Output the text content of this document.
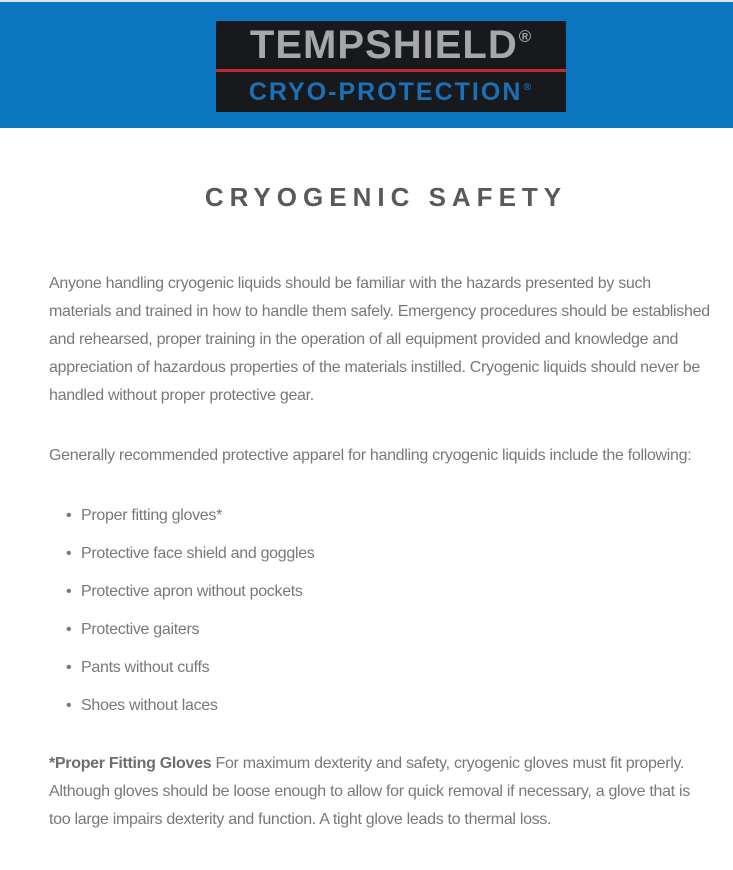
TEMPSHIELD ®
CRYO-PROTECTION ®
CRYOGENIC SAFETY

Anyone handling cryogenic liquids should be familiar with the hazards presented by such materials and trained in how to handle them safely. Emergency procedures should be established and rehearsed, proper training in the operation of all equipment provided and knowledge and appreciation of hazardous properties of the materials instilled. Cryogenic liquids should never be handled without proper protective gear.

Generally recommended protective apparel for handling cryogenic liquids include the following:

• Proper fitting gloves*
• Protective face shield and goggles
• Protective apron without pockets
• Protective gaiters
• Pants without cuffs
• Shoes without laces

*Proper Fitting Gloves For maximum dexterity and safety, cryogenic gloves must fit properly. Although gloves should be loose enough to allow for quick removal if necessary, a glove that is too large impairs dexterity and function. A tight glove leads to thermal loss.
